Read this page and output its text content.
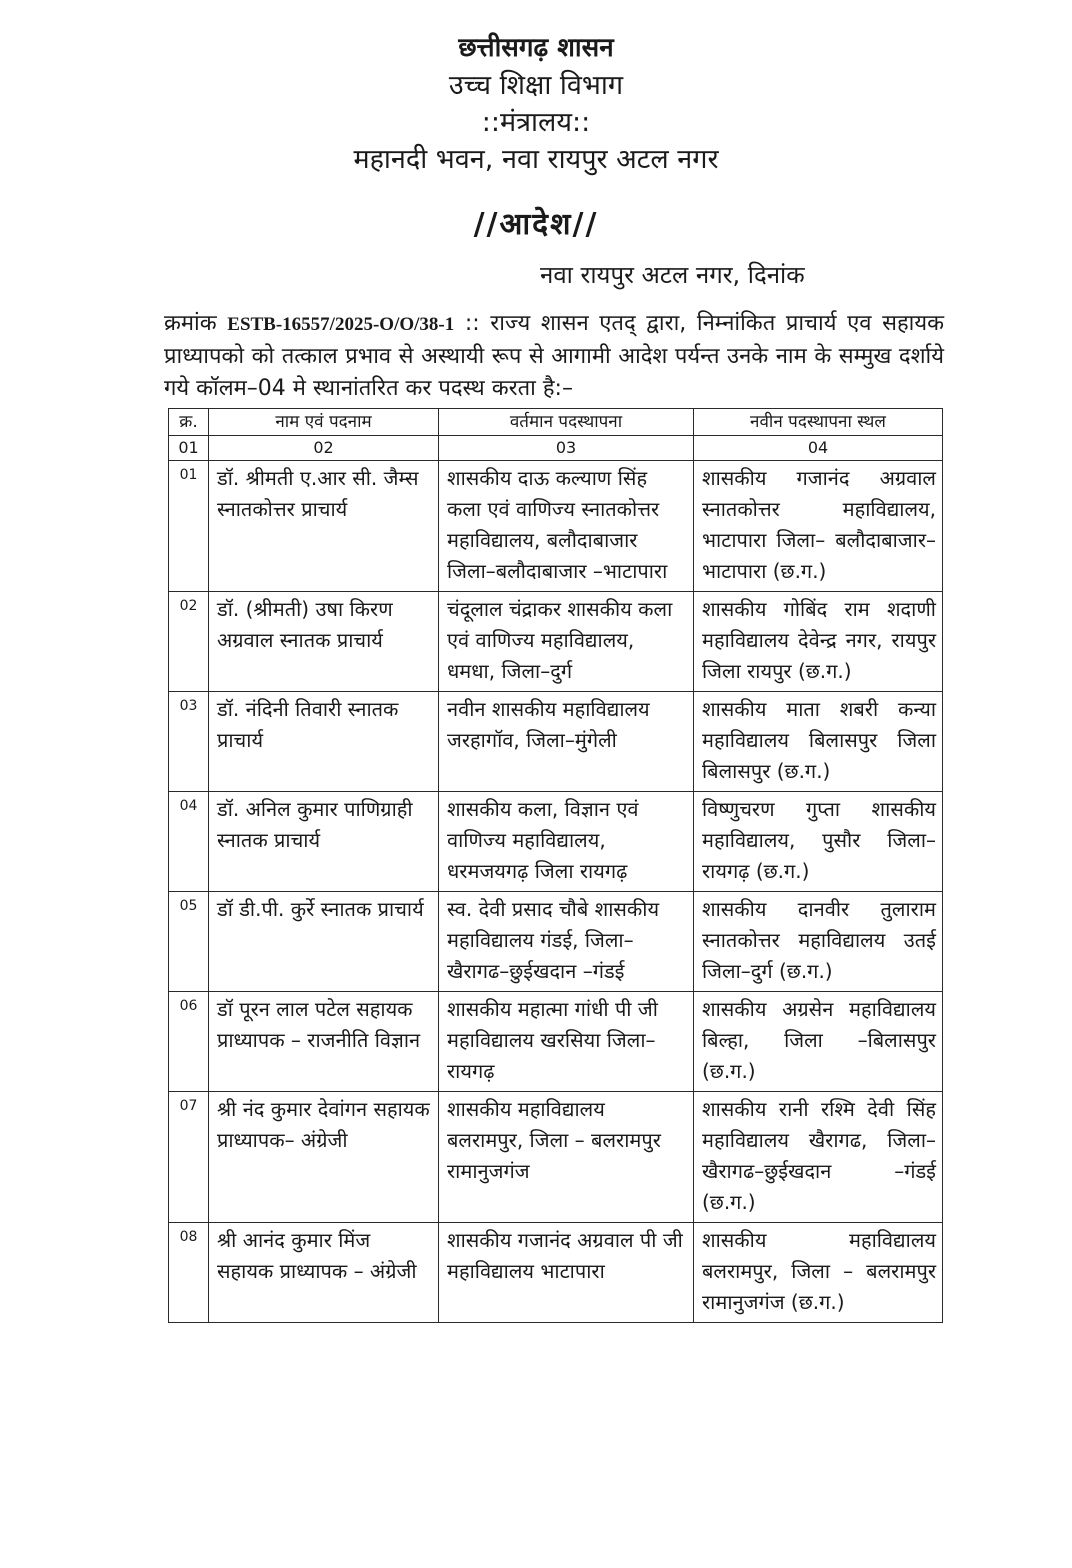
छत्तीसगढ़ शासन
उच्च शिक्षा विभाग
::मंत्रालय::
महानदी भवन, नवा रायपुर अटल नगर
//आदेश//
नवा रायपुर अटल नगर, दिनांक
क्रमांक ESTB-16557/2025-O/O/38-1 :: राज्य शासन एतद् द्वारा, निम्नांकित प्राचार्य एव सहायक प्राध्यापको को तत्काल प्रभाव से अस्थायी रूप से आगामी आदेश पर्यन्त उनके नाम के सम्मुख दर्शाये गये कॉलम–04 मे स्थानांतरित कर पदस्थ करता है:–
क्र.	नाम एवं पदनाम	वर्तमान पदस्थापना	नवीन पदस्थापना स्थल
01	02	03	04
01	डॉ. श्रीमती ए.आर सी. जैम्स स्नातकोत्तर प्राचार्य	शासकीय दाऊ कल्याण सिंह कला एवं वाणिज्य स्नातकोत्तर महाविद्यालय, बलौदाबाजार जिला–बलौदाबाजार –भाटापारा	शासकीय गजानंद अग्रवाल स्नातकोत्तर महाविद्यालय, भाटापारा जिला– बलौदाबाजार– भाटापारा (छ.ग.)
02	डॉ. (श्रीमती) उषा किरण अग्रवाल स्नातक प्राचार्य	चंदूलाल चंद्राकर शासकीय कला एवं वाणिज्य महाविद्यालय, धमधा, जिला–दुर्ग	शासकीय गोबिंद राम शदाणी महाविद्यालय देवेन्द्र नगर, रायपुर जिला रायपुर (छ.ग.)
03	डॉ. नंदिनी तिवारी स्नातक प्राचार्य	नवीन शासकीय महाविद्यालय जरहागॉव, जिला–मुंगेली	शासकीय माता शबरी कन्या महाविद्यालय बिलासपुर जिला बिलासपुर (छ.ग.)
04	डॉ. अनिल कुमार पाणिग्राही स्नातक प्राचार्य	शासकीय कला, विज्ञान एवं वाणिज्य महाविद्यालय, धरमजयगढ़ जिला रायगढ़	विष्णुचरण गुप्ता शासकीय महाविद्यालय, पुसौर जिला–रायगढ़ (छ.ग.)
05	डॉ डी.पी. कुर्रे स्नातक प्राचार्य	स्व. देवी प्रसाद चौबे शासकीय महाविद्यालय गंडई, जिला– खैरागढ–छुईखदान –गंडई	शासकीय दानवीर तुलाराम स्नातकोत्तर महाविद्यालय उतई जिला–दुर्ग (छ.ग.)
06	डॉ पूरन लाल पटेल सहायक प्राध्यापक – राजनीति विज्ञान	शासकीय महात्मा गांधी पी जी महाविद्यालय खरसिया जिला– रायगढ़	शासकीय अग्रसेन महाविद्यालय बिल्हा, जिला –बिलासपुर (छ.ग.)
07	श्री नंद कुमार देवांगन सहायक प्राध्यापक– अंग्रेजी	शासकीय महाविद्यालय बलरामपुर, जिला – बलरामपुर रामानुजगंज	शासकीय रानी रश्मि देवी सिंह महाविद्यालय खैरागढ, जिला– खैरागढ–छुईखदान –गंडई (छ.ग.)
08	श्री आनंद कुमार मिंज सहायक प्राध्यापक – अंग्रेजी	शासकीय गजानंद अग्रवाल पी जी महाविद्यालय भाटापारा	शासकीय महाविद्यालय बलरामपुर, जिला – बलरामपुर रामानुजगंज (छ.ग.)
